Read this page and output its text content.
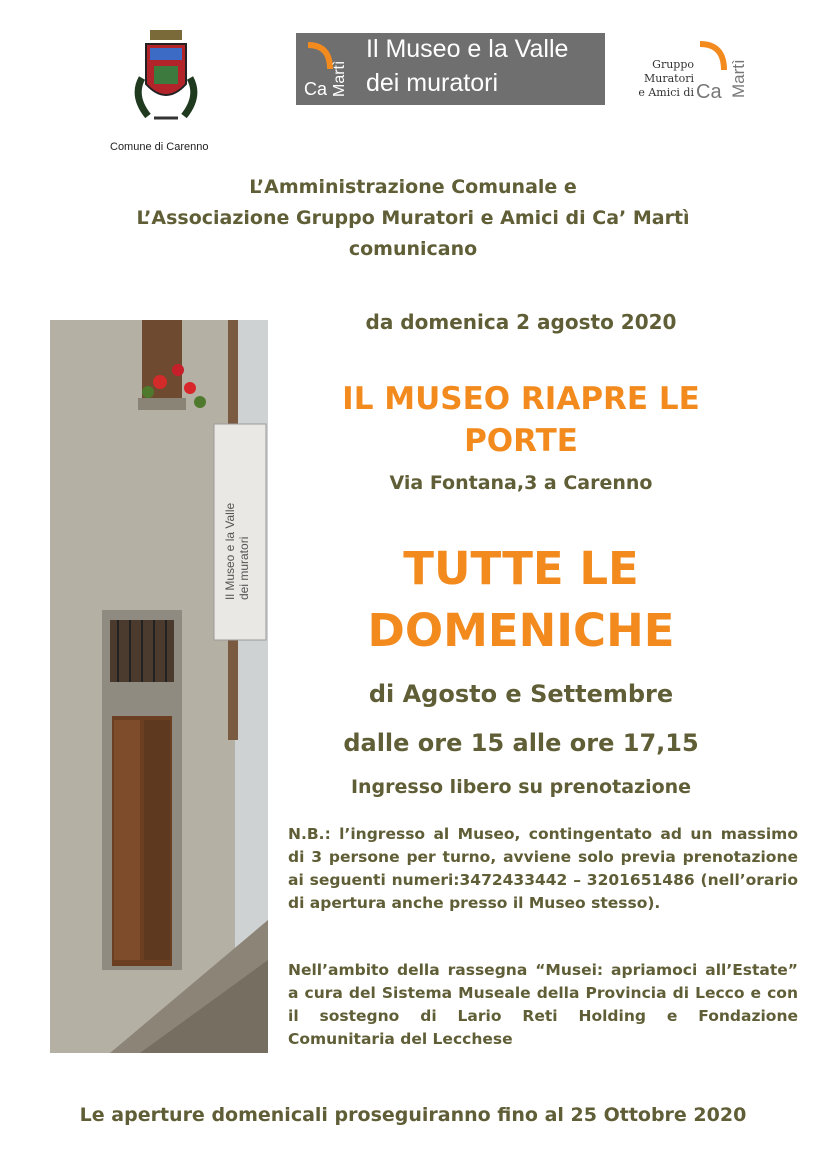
Comune di Carenno
Ca Martì
Il Museo e la Valle
dei muratori
Gruppo
Muratori
e Amici di Ca Martì
L’Amministrazione Comunale e
L’Associazione Gruppo Muratori e Amici di Ca’ Martì
comunicano
Il Museo e la Valle dei muratori
da domenica 2 agosto 2020
IL MUSEO RIAPRE LE
PORTE
Via Fontana,3 a Carenno
TUTTE LE
DOMENICHE
di Agosto e Settembre
dalle ore 15 alle ore 17,15
Ingresso libero su prenotazione
N.B.: l’ingresso al Museo, contingentato ad un massimo di 3 persone per turno, avviene solo previa prenotazione ai seguenti numeri:3472433442 – 3201651486 (nell’orario di apertura anche presso il Museo stesso).
Nell’ambito della rassegna “Musei: apriamoci all’Estate” a cura del Sistema Museale della Provincia di Lecco e con il sostegno di Lario Reti Holding e Fondazione Comunitaria del Lecchese
Le aperture domenicali proseguiranno fino al 25 Ottobre 2020
